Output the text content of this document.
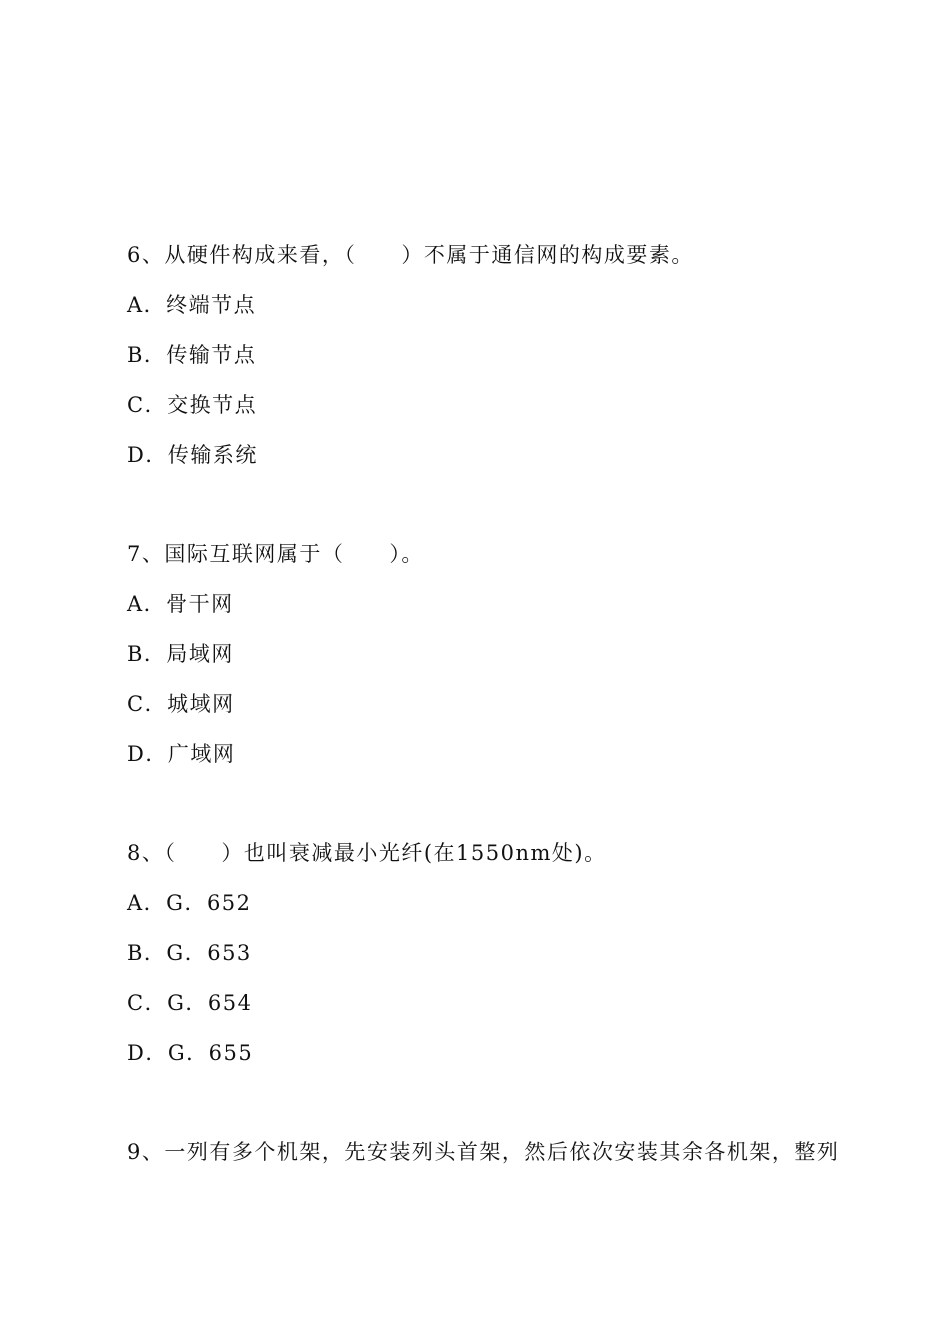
6、从硬件构成来看，（　　）不属于通信网的构成要素。
A．终端节点
B．传输节点
C．交换节点
D．传输系统
7、国际互联网属于（　　）。
A．骨干网
B．局域网
C．城域网
D．广域网
8、（　　）也叫衰减最小光纤(在1550nm处)。
A．G．652
B．G．653
C．G．654
D．G．655
9、一列有多个机架，先安装列头首架，然后依次安装其余各机架，整列
